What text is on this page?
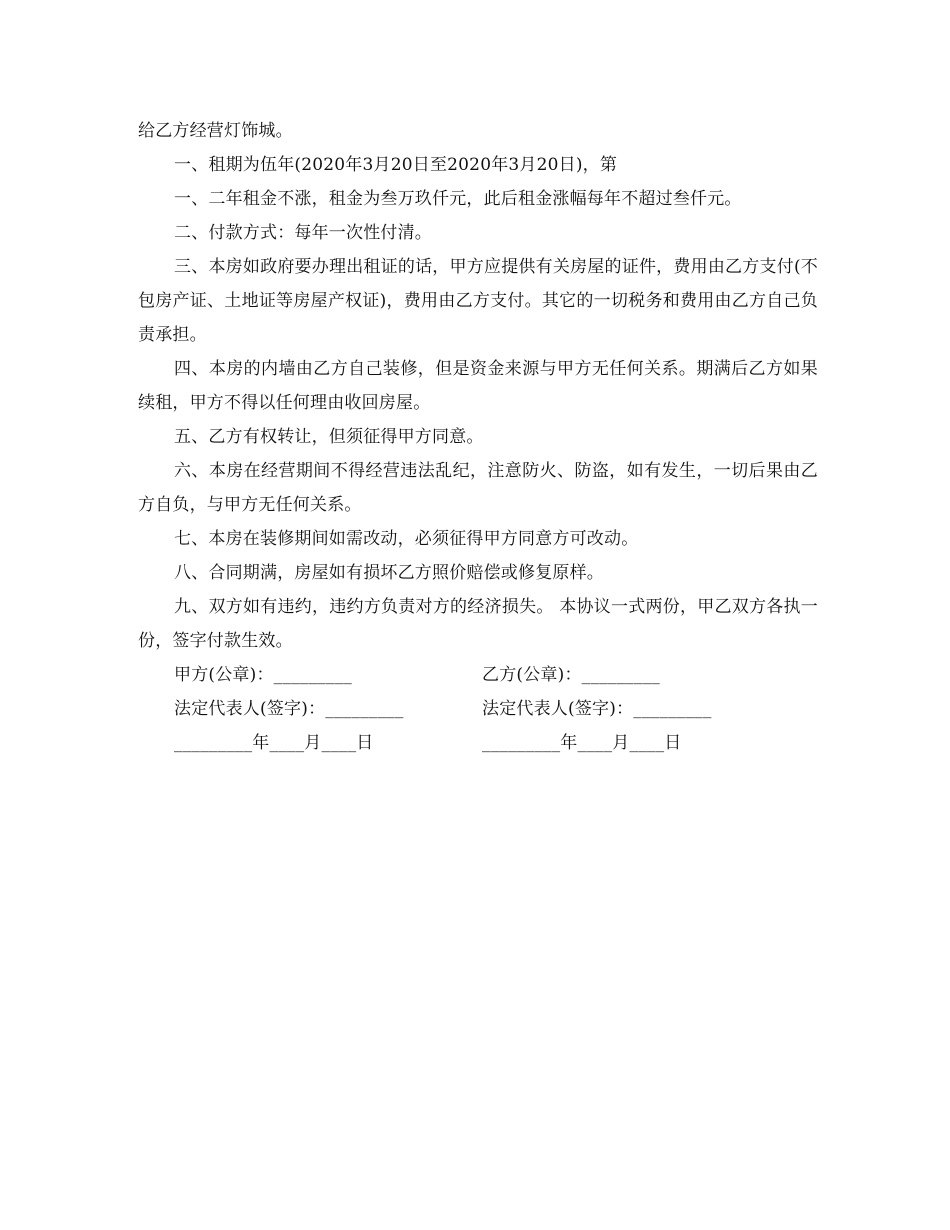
给乙方经营灯饰城。

一、租期为伍年(2020年3月20日至2020年3月20日)，第

一、二年租金不涨，租金为叁万玖仟元，此后租金涨幅每年不超过叁仟元。

二、付款方式：每年一次性付清。

三、本房如政府要办理出租证的话，甲方应提供有关房屋的证件，费用由乙方支付(不包房产证、土地证等房屋产权证)，费用由乙方支付。其它的一切税务和费用由乙方自己负责承担。

四、本房的内墙由乙方自己装修，但是资金来源与甲方无任何关系。期满后乙方如果续租，甲方不得以任何理由收回房屋。

五、乙方有权转让，但须征得甲方同意。

六、本房在经营期间不得经营违法乱纪，注意防火、防盗，如有发生，一切后果由乙方自负，与甲方无任何关系。

七、本房在装修期间如需改动，必须征得甲方同意方可改动。

八、合同期满，房屋如有损坏乙方照价赔偿或修复原样。

九、双方如有违约，违约方负责对方的经济损失。 本协议一式两份，甲乙双方各执一份，签字付款生效。

甲方(公章)：_________	乙方(公章)：_________
法定代表人(签字)：_________	法定代表人(签字)：_________
_________年____月____日	_________年____月____日
